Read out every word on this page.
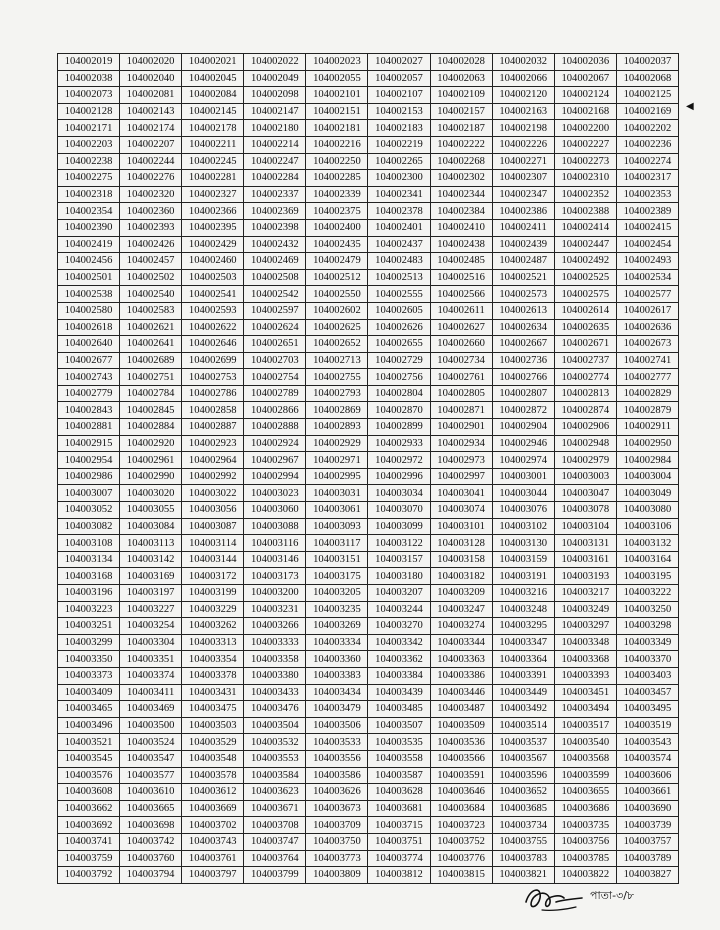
104002019	104002020	104002021	104002022	104002023	104002027	104002028	104002032	104002036	104002037
104002038	104002040	104002045	104002049	104002055	104002057	104002063	104002066	104002067	104002068
104002073	104002081	104002084	104002098	104002101	104002107	104002109	104002120	104002124	104002125
104002128	104002143	104002145	104002147	104002151	104002153	104002157	104002163	104002168	104002169
104002171	104002174	104002178	104002180	104002181	104002183	104002187	104002198	104002200	104002202
104002203	104002207	104002211	104002214	104002216	104002219	104002222	104002226	104002227	104002236
104002238	104002244	104002245	104002247	104002250	104002265	104002268	104002271	104002273	104002274
104002275	104002276	104002281	104002284	104002285	104002300	104002302	104002307	104002310	104002317
104002318	104002320	104002327	104002337	104002339	104002341	104002344	104002347	104002352	104002353
104002354	104002360	104002366	104002369	104002375	104002378	104002384	104002386	104002388	104002389
104002390	104002393	104002395	104002398	104002400	104002401	104002410	104002411	104002414	104002415
104002419	104002426	104002429	104002432	104002435	104002437	104002438	104002439	104002447	104002454
104002456	104002457	104002460	104002469	104002479	104002483	104002485	104002487	104002492	104002493
104002501	104002502	104002503	104002508	104002512	104002513	104002516	104002521	104002525	104002534
104002538	104002540	104002541	104002542	104002550	104002555	104002566	104002573	104002575	104002577
104002580	104002583	104002593	104002597	104002602	104002605	104002611	104002613	104002614	104002617
104002618	104002621	104002622	104002624	104002625	104002626	104002627	104002634	104002635	104002636
104002640	104002641	104002646	104002651	104002652	104002655	104002660	104002667	104002671	104002673
104002677	104002689	104002699	104002703	104002713	104002729	104002734	104002736	104002737	104002741
104002743	104002751	104002753	104002754	104002755	104002756	104002761	104002766	104002774	104002777
104002779	104002784	104002786	104002789	104002793	104002804	104002805	104002807	104002813	104002829
104002843	104002845	104002858	104002866	104002869	104002870	104002871	104002872	104002874	104002879
104002881	104002884	104002887	104002888	104002893	104002899	104002901	104002904	104002906	104002911
104002915	104002920	104002923	104002924	104002929	104002933	104002934	104002946	104002948	104002950
104002954	104002961	104002964	104002967	104002971	104002972	104002973	104002974	104002979	104002984
104002986	104002990	104002992	104002994	104002995	104002996	104002997	104003001	104003003	104003004
104003007	104003020	104003022	104003023	104003031	104003034	104003041	104003044	104003047	104003049
104003052	104003055	104003056	104003060	104003061	104003070	104003074	104003076	104003078	104003080
104003082	104003084	104003087	104003088	104003093	104003099	104003101	104003102	104003104	104003106
104003108	104003113	104003114	104003116	104003117	104003122	104003128	104003130	104003131	104003132
104003134	104003142	104003144	104003146	104003151	104003157	104003158	104003159	104003161	104003164
104003168	104003169	104003172	104003173	104003175	104003180	104003182	104003191	104003193	104003195
104003196	104003197	104003199	104003200	104003205	104003207	104003209	104003216	104003217	104003222
104003223	104003227	104003229	104003231	104003235	104003244	104003247	104003248	104003249	104003250
104003251	104003254	104003262	104003266	104003269	104003270	104003274	104003295	104003297	104003298
104003299	104003304	104003313	104003333	104003334	104003342	104003344	104003347	104003348	104003349
104003350	104003351	104003354	104003358	104003360	104003362	104003363	104003364	104003368	104003370
104003373	104003374	104003378	104003380	104003383	104003384	104003386	104003391	104003393	104003403
104003409	104003411	104003431	104003433	104003434	104003439	104003446	104003449	104003451	104003457
104003465	104003469	104003475	104003476	104003479	104003485	104003487	104003492	104003494	104003495
104003496	104003500	104003503	104003504	104003506	104003507	104003509	104003514	104003517	104003519
104003521	104003524	104003529	104003532	104003533	104003535	104003536	104003537	104003540	104003543
104003545	104003547	104003548	104003553	104003556	104003558	104003566	104003567	104003568	104003574
104003576	104003577	104003578	104003584	104003586	104003587	104003591	104003596	104003599	104003606
104003608	104003610	104003612	104003623	104003626	104003628	104003646	104003652	104003655	104003661
104003662	104003665	104003669	104003671	104003673	104003681	104003684	104003685	104003686	104003690
104003692	104003698	104003702	104003708	104003709	104003715	104003723	104003734	104003735	104003739
104003741	104003742	104003743	104003747	104003750	104003751	104003752	104003755	104003756	104003757
104003759	104003760	104003761	104003764	104003773	104003774	104003776	104003783	104003785	104003789
104003792	104003794	104003797	104003799	104003809	104003812	104003815	104003821	104003822	104003827
◀
পাতা-৩/৮
